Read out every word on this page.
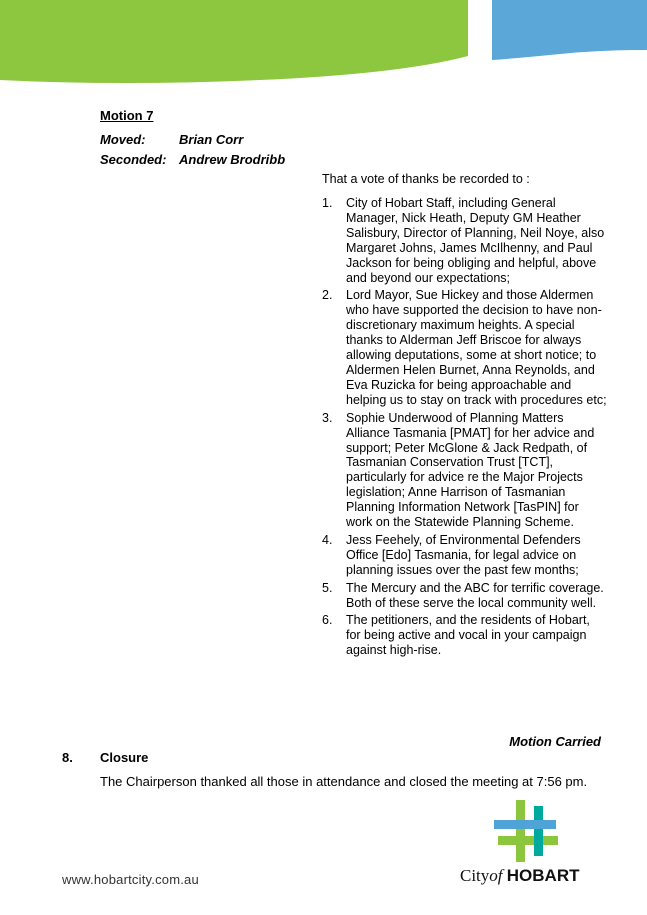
Motion 7
Moved:	Brian Corr
Seconded: Andrew Brodribb
That a vote of thanks be recorded to :
1.	City of Hobart Staff, including General Manager, Nick Heath, Deputy GM Heather Salisbury, Director of Planning, Neil Noye, also Margaret Johns, James McIlhenny, and Paul Jackson for being obliging and helpful, above and beyond our expectations;
2.	Lord Mayor, Sue Hickey and those Aldermen who have supported the decision to have non-discretionary maximum heights. A special thanks to Alderman Jeff Briscoe for always allowing deputations, some at short notice; to Aldermen Helen Burnet, Anna Reynolds, and Eva Ruzicka for being approachable and helping us to stay on track with procedures etc;
3.	Sophie Underwood of Planning Matters Alliance Tasmania [PMAT] for her advice and support; Peter McGlone & Jack Redpath, of Tasmanian Conservation Trust [TCT], particularly for advice re the Major Projects legislation; Anne Harrison of Tasmanian Planning Information Network [TasPIN] for work on the Statewide Planning Scheme.
4.	Jess Feehely, of Environmental Defenders Office [Edo] Tasmania, for legal advice on planning issues over the past few months;
5.	The Mercury and the ABC for terrific coverage. Both of these serve the local community well.
6.	The petitioners, and the residents of Hobart, for being active and vocal in your campaign against high-rise.
Motion Carried
8. Closure
The Chairperson thanked all those in attendance and closed the meeting at 7:56 pm.
www.hobartcity.com.au	Cityof HOBART
